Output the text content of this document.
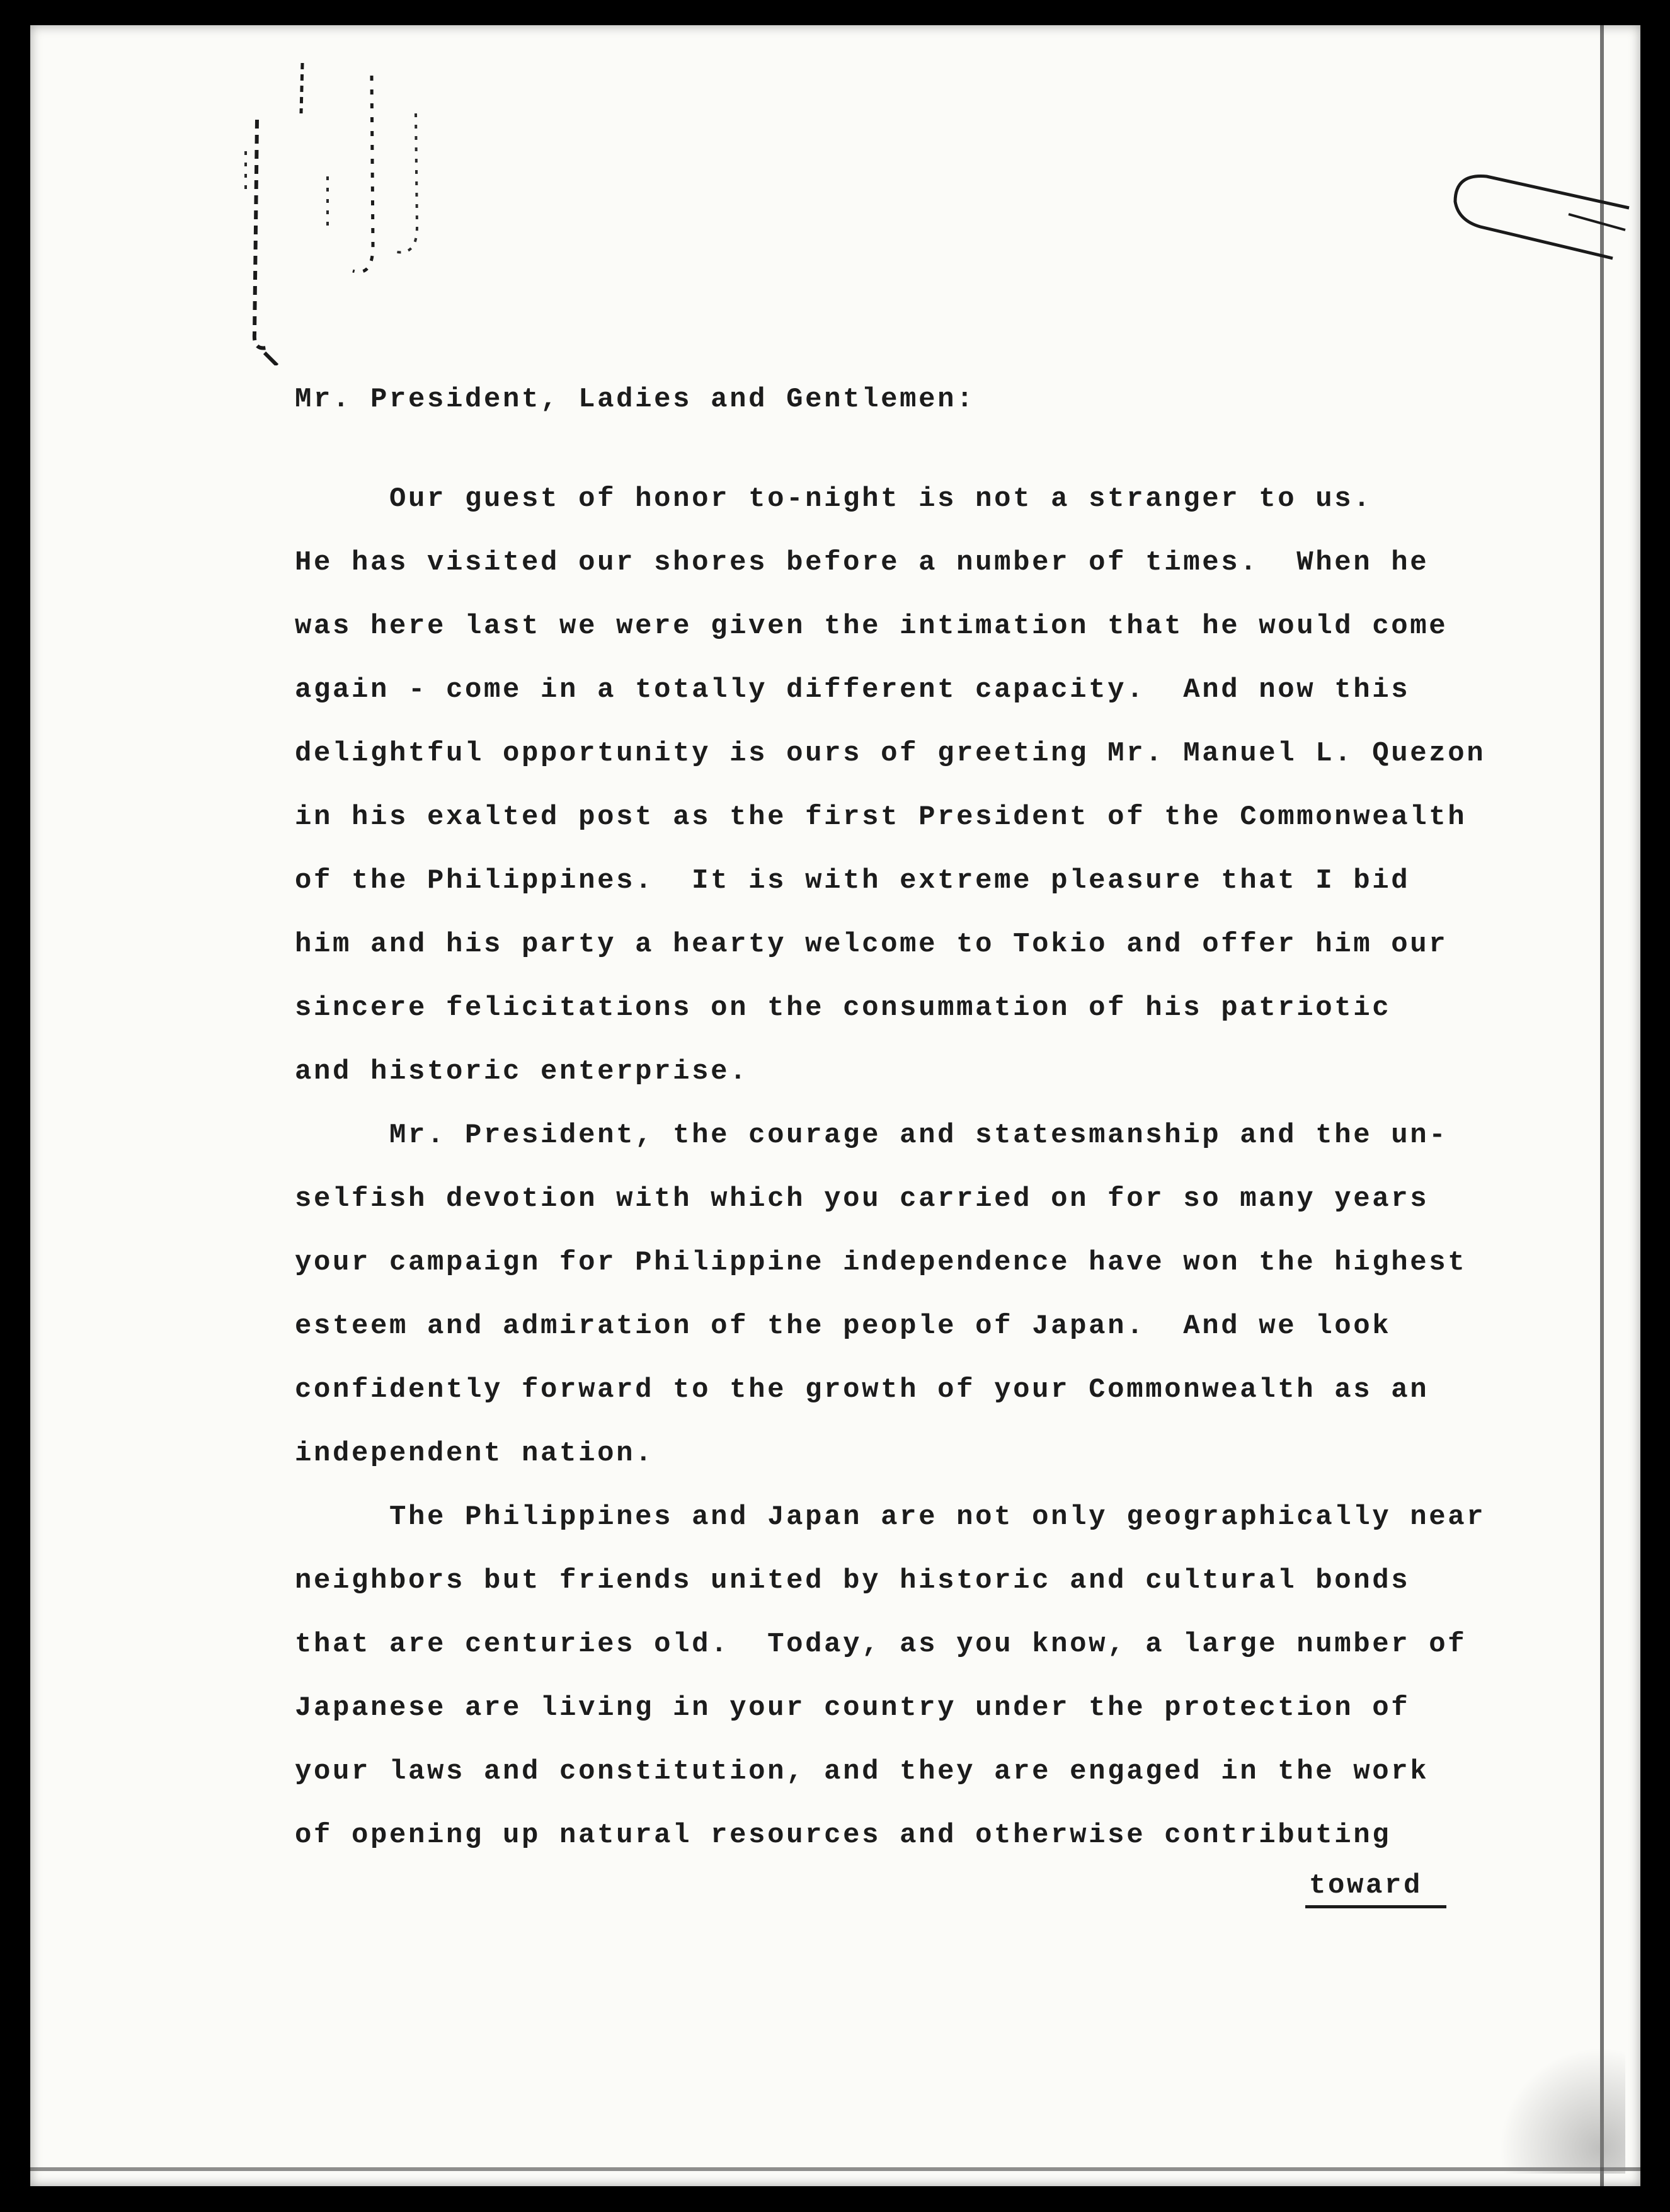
Mr. President, Ladies and Gentlemen:
Our guest of honor to-night is not a stranger to us.
He has visited our shores before a number of times.  When he
was here last we were given the intimation that he would come
again - come in a totally different capacity.  And now this
delightful opportunity is ours of greeting Mr. Manuel L. Quezon
in his exalted post as the first President of the Commonwealth
of the Philippines.  It is with extreme pleasure that I bid
him and his party a hearty welcome to Tokio and offer him our
sincere felicitations on the consummation of his patriotic
and historic enterprise.
Mr. President, the courage and statesmanship and the un-
selfish devotion with which you carried on for so many years
your campaign for Philippine independence have won the highest
esteem and admiration of the people of Japan.  And we look
confidently forward to the growth of your Commonwealth as an
independent nation.
The Philippines and Japan are not only geographically near
neighbors but friends united by historic and cultural bonds
that are centuries old.  Today, as you know, a large number of
Japanese are living in your country under the protection of
your laws and constitution, and they are engaged in the work
of opening up natural resources and otherwise contributing
toward
